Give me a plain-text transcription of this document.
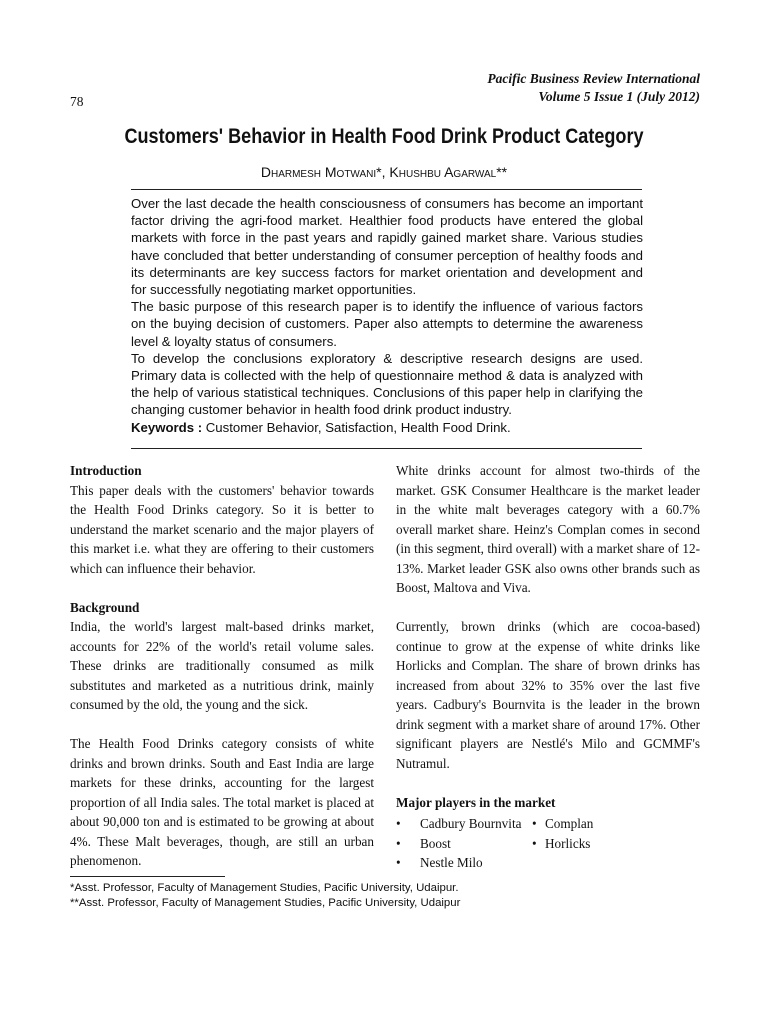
Pacific Business Review International
Volume 5 Issue 1 (July 2012)
78
Customers' Behavior in Health Food Drink Product Category
Dharmesh Motwani*, Khushbu Agarwal**

Over the last decade the health consciousness of consumers has become an important factor driving the agri-food market. Healthier food products have entered the global markets with force in the past years and rapidly gained market share. Various studies have concluded that better understanding of consumer perception of healthy foods and its determinants are key success factors for market orientation and development and for successfully negotiating market opportunities.

The basic purpose of this research paper is to identify the influence of various factors on the buying decision of customers. Paper also attempts to determine the awareness level & loyalty status of consumers.

To develop the conclusions exploratory & descriptive research designs are used. Primary data is collected with the help of questionnaire method & data is analyzed with the help of various statistical techniques. Conclusions of this paper help in clarifying the changing customer behavior in health food drink product industry.

Keywords : Customer Behavior, Satisfaction, Health Food Drink.

Introduction

This paper deals with the customers' behavior towards the Health Food Drinks category. So it is better to understand the market scenario and the major players of this market i.e. what they are offering to their customers which can influence their behavior.

Background

India, the world's largest malt-based drinks market, accounts for 22% of the world's retail volume sales. These drinks are traditionally consumed as milk substitutes and marketed as a nutritious drink, mainly consumed by the old, the young and the sick.

The Health Food Drinks category consists of white drinks and brown drinks. South and East India are large markets for these drinks, accounting for the largest proportion of all India sales. The total market is placed at about 90,000 ton and is estimated to be growing at about 4%. These Malt beverages, though, are still an urban phenomenon.

White drinks account for almost two-thirds of the market. GSK Consumer Healthcare is the market leader in the white malt beverages category with a 60.7% overall market share. Heinz's Complan comes in second (in this segment, third overall) with a market share of 12-13%. Market leader GSK also owns other brands such as Boost, Maltova and Viva.

Currently, brown drinks (which are cocoa-based) continue to grow at the expense of white drinks like Horlicks and Complan. The share of brown drinks has increased from about 32% to 35% over the last five years. Cadbury's Bournvita is the leader in the brown drink segment with a market share of around 17%. Other significant players are Nestlé's Milo and GCMMF's Nutramul.

Major players in the market

•	Cadbury Bournvita	•	Complan
•	Boost	•	Horlicks
•	Nestle Milo		
*Asst. Professor, Faculty of Management Studies, Pacific University, Udaipur.
**Asst. Professor, Faculty of Management Studies, Pacific University, Udaipur
